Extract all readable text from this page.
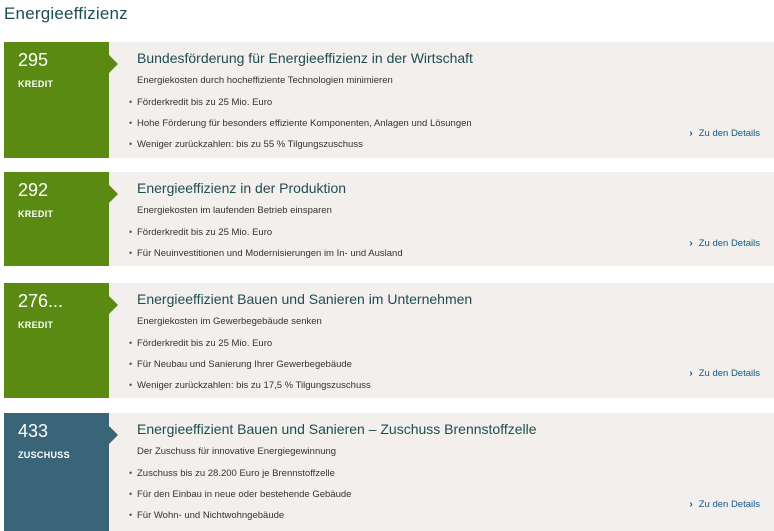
Energieeffizienz
295
KREDIT
Bundesförderung für Energieeffizienz in der Wirtschaft
Energiekosten durch hocheffiziente Technologien minimieren
• Förderkredit bis zu 25 Mio. Euro
• Hohe Förderung für besonders effiziente Komponenten, Anlagen und Lösungen
• Weniger zurückzahlen: bis zu 55 % Tilgungszuschuss
› Zu den Details
292
KREDIT
Energieeffizienz in der Produktion
Energiekosten im laufenden Betrieb einsparen
• Förderkredit bis zu 25 Mio. Euro
• Für Neuinvestitionen und Modernisierungen im In- und Ausland
› Zu den Details
276...
KREDIT
Energieeffizient Bauen und Sanieren im Unternehmen
Energiekosten im Gewerbegebäude senken
• Förderkredit bis zu 25 Mio. Euro
• Für Neubau und Sanierung Ihrer Gewerbegebäude
• Weniger zurückzahlen: bis zu 17,5 % Tilgungszuschuss
› Zu den Details
433
ZUSCHUSS
Energieeffizient Bauen und Sanieren – Zuschuss Brennstoffzelle
Der Zuschuss für innovative Energiegewinnung
• Zuschuss bis zu 28.200 Euro je Brennstoffzelle
• Für den Einbau in neue oder bestehende Gebäude
• Für Wohn- und Nichtwohngebäude
› Zu den Details
